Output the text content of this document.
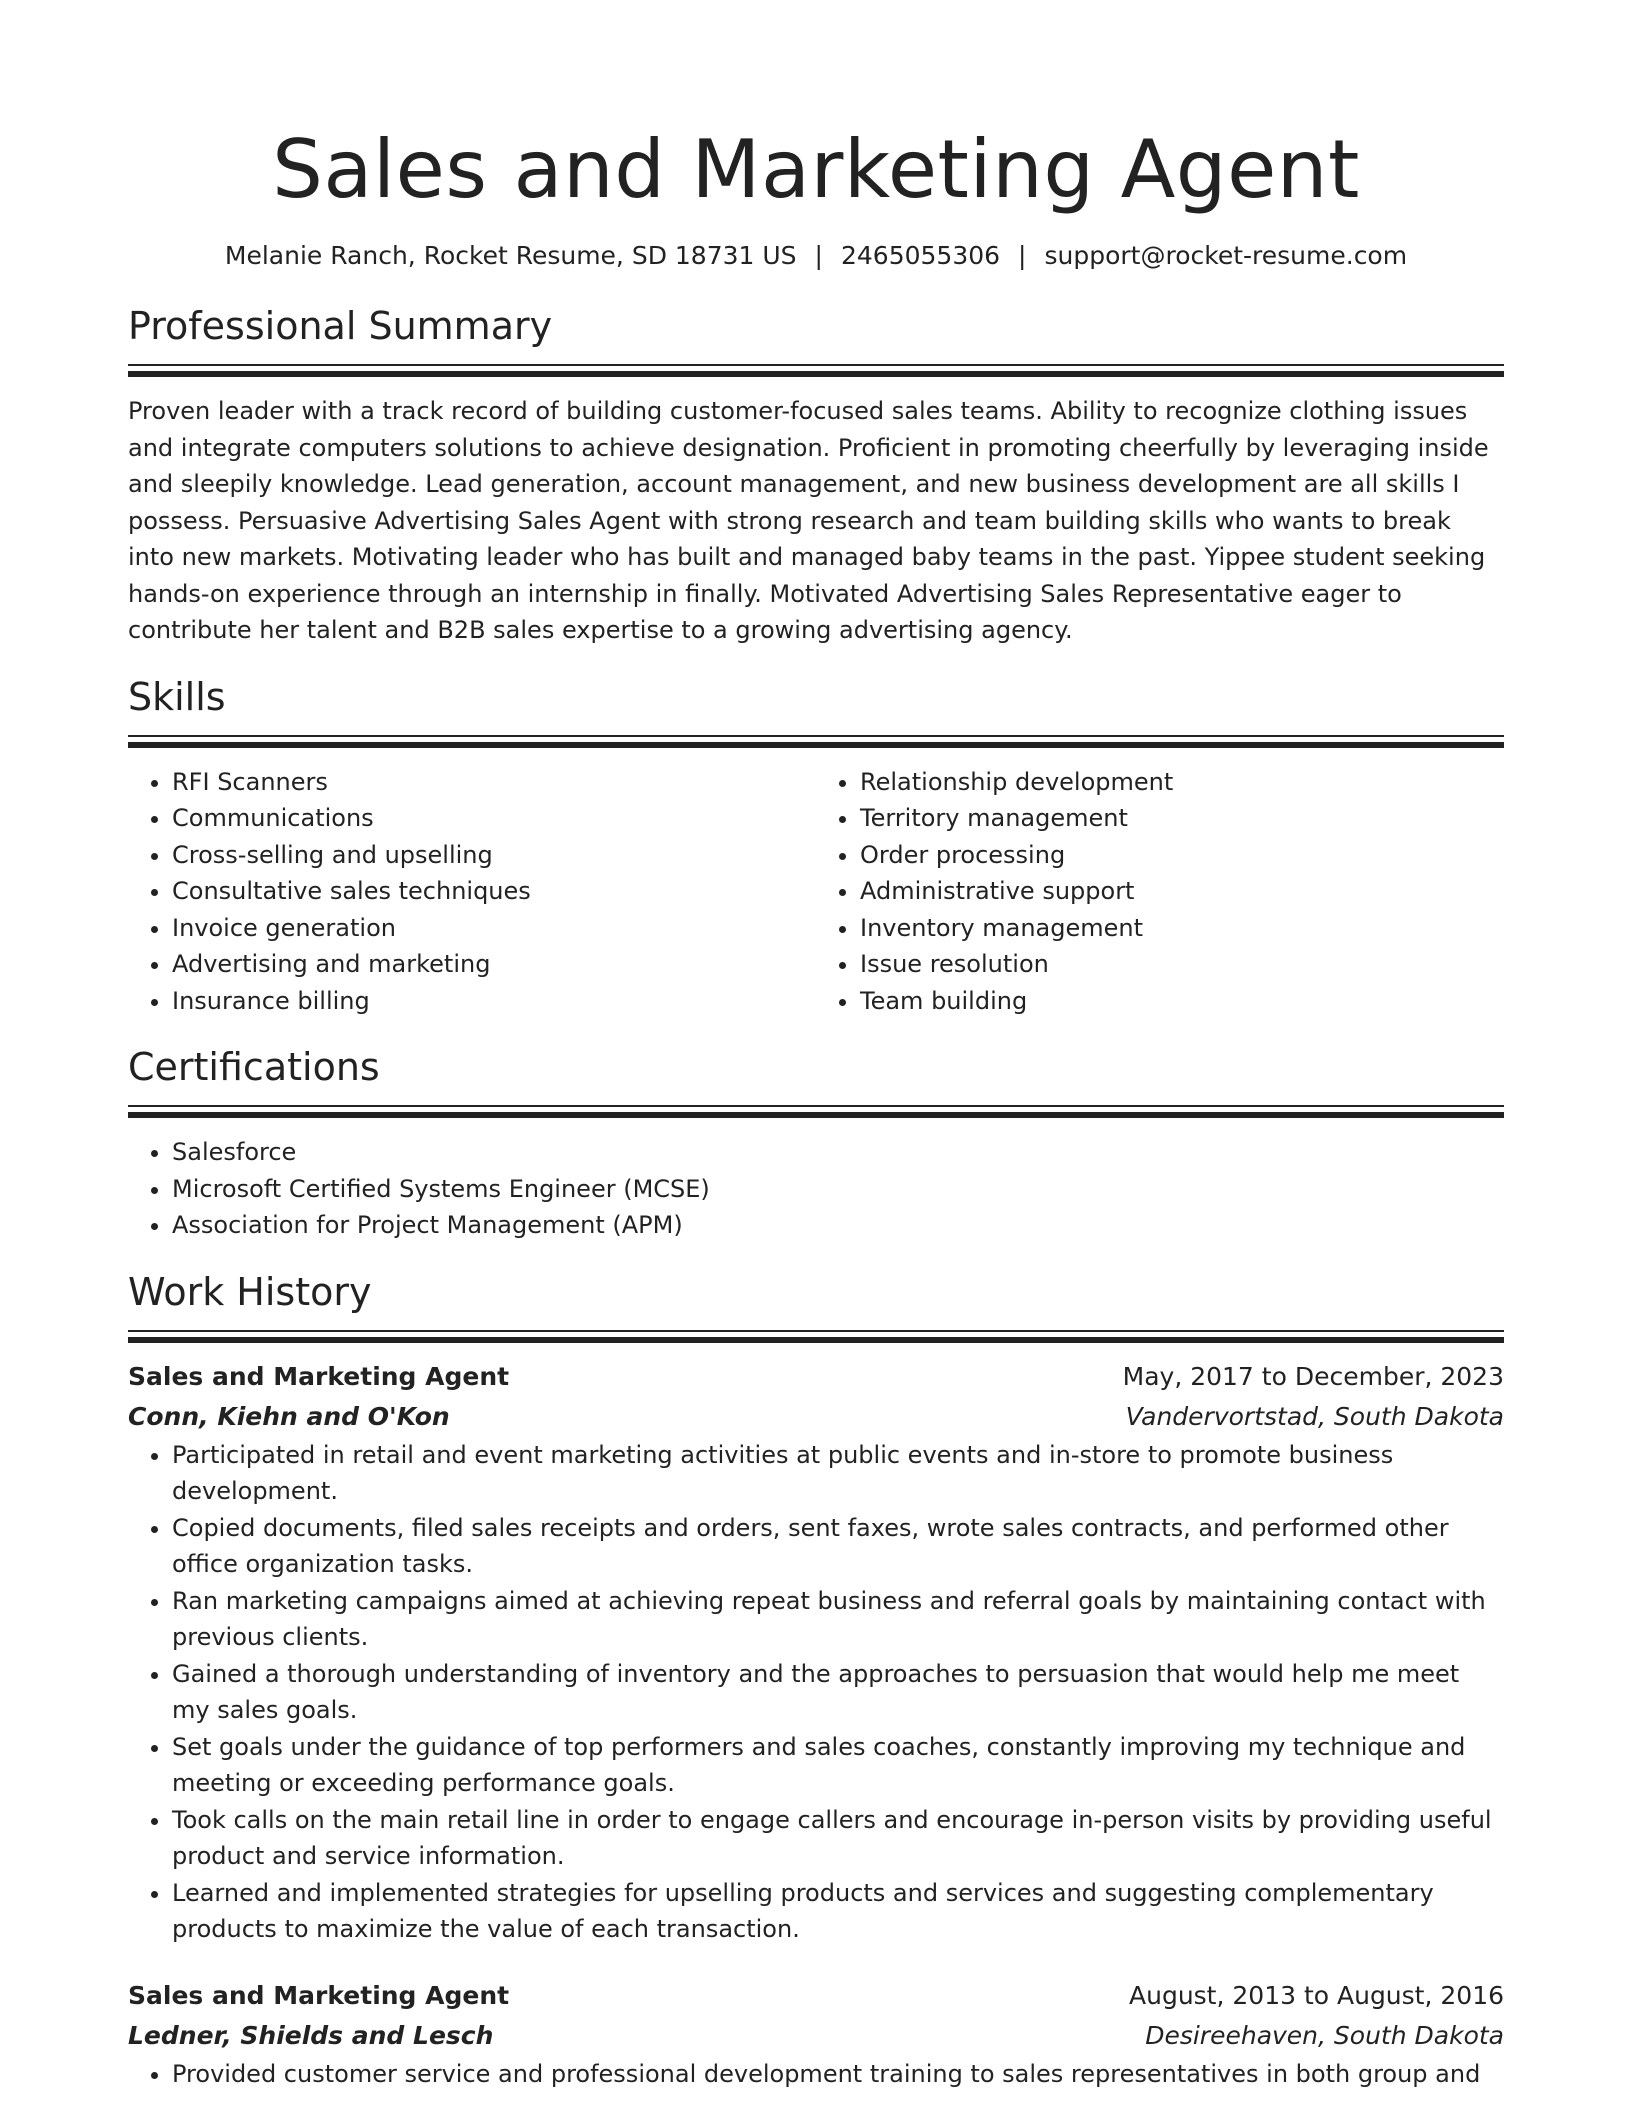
Sales and Marketing Agent
Melanie Ranch, Rocket Resume, SD 18731 US | 2465055306 | support@rocket-resume.com
Professional Summary

Proven leader with a track record of building customer-focused sales teams. Ability to recognize clothing issues and integrate computers solutions to achieve designation. Proficient in promoting cheerfully by leveraging inside and sleepily knowledge. Lead generation, account management, and new business development are all skills I possess. Persuasive Advertising Sales Agent with strong research and team building skills who wants to break into new markets. Motivating leader who has built and managed baby teams in the past. Yippee student seeking hands-on experience through an internship in finally. Motivated Advertising Sales Representative eager to contribute her talent and B2B sales expertise to a growing advertising agency.

Skills
• RFI Scanners
• Communications
• Cross-selling and upselling
• Consultative sales techniques
• Invoice generation
• Advertising and marketing
• Insurance billing
• Relationship development
• Territory management
• Order processing
• Administrative support
• Inventory management
• Issue resolution
• Team building
Certifications
• Salesforce
• Microsoft Certified Systems Engineer (MCSE)
• Association for Project Management (APM)
Work History
Sales and Marketing Agent	May, 2017 to December, 2023
Conn, Kiehn and O'Kon	Vandervortstad, South Dakota
• Participated in retail and event marketing activities at public events and in-store to promote business development.
• Copied documents, filed sales receipts and orders, sent faxes, wrote sales contracts, and performed other office organization tasks.
• Ran marketing campaigns aimed at achieving repeat business and referral goals by maintaining contact with previous clients.
• Gained a thorough understanding of inventory and the approaches to persuasion that would help me meet my sales goals.
• Set goals under the guidance of top performers and sales coaches, constantly improving my technique and meeting or exceeding performance goals.
• Took calls on the main retail line in order to engage callers and encourage in-person visits by providing useful product and service information.
• Learned and implemented strategies for upselling products and services and suggesting complementary products to maximize the value of each transaction.
Sales and Marketing Agent	August, 2013 to August, 2016
Ledner, Shields and Lesch	Desireehaven, South Dakota
• Provided customer service and professional development training to sales representatives in both group and
